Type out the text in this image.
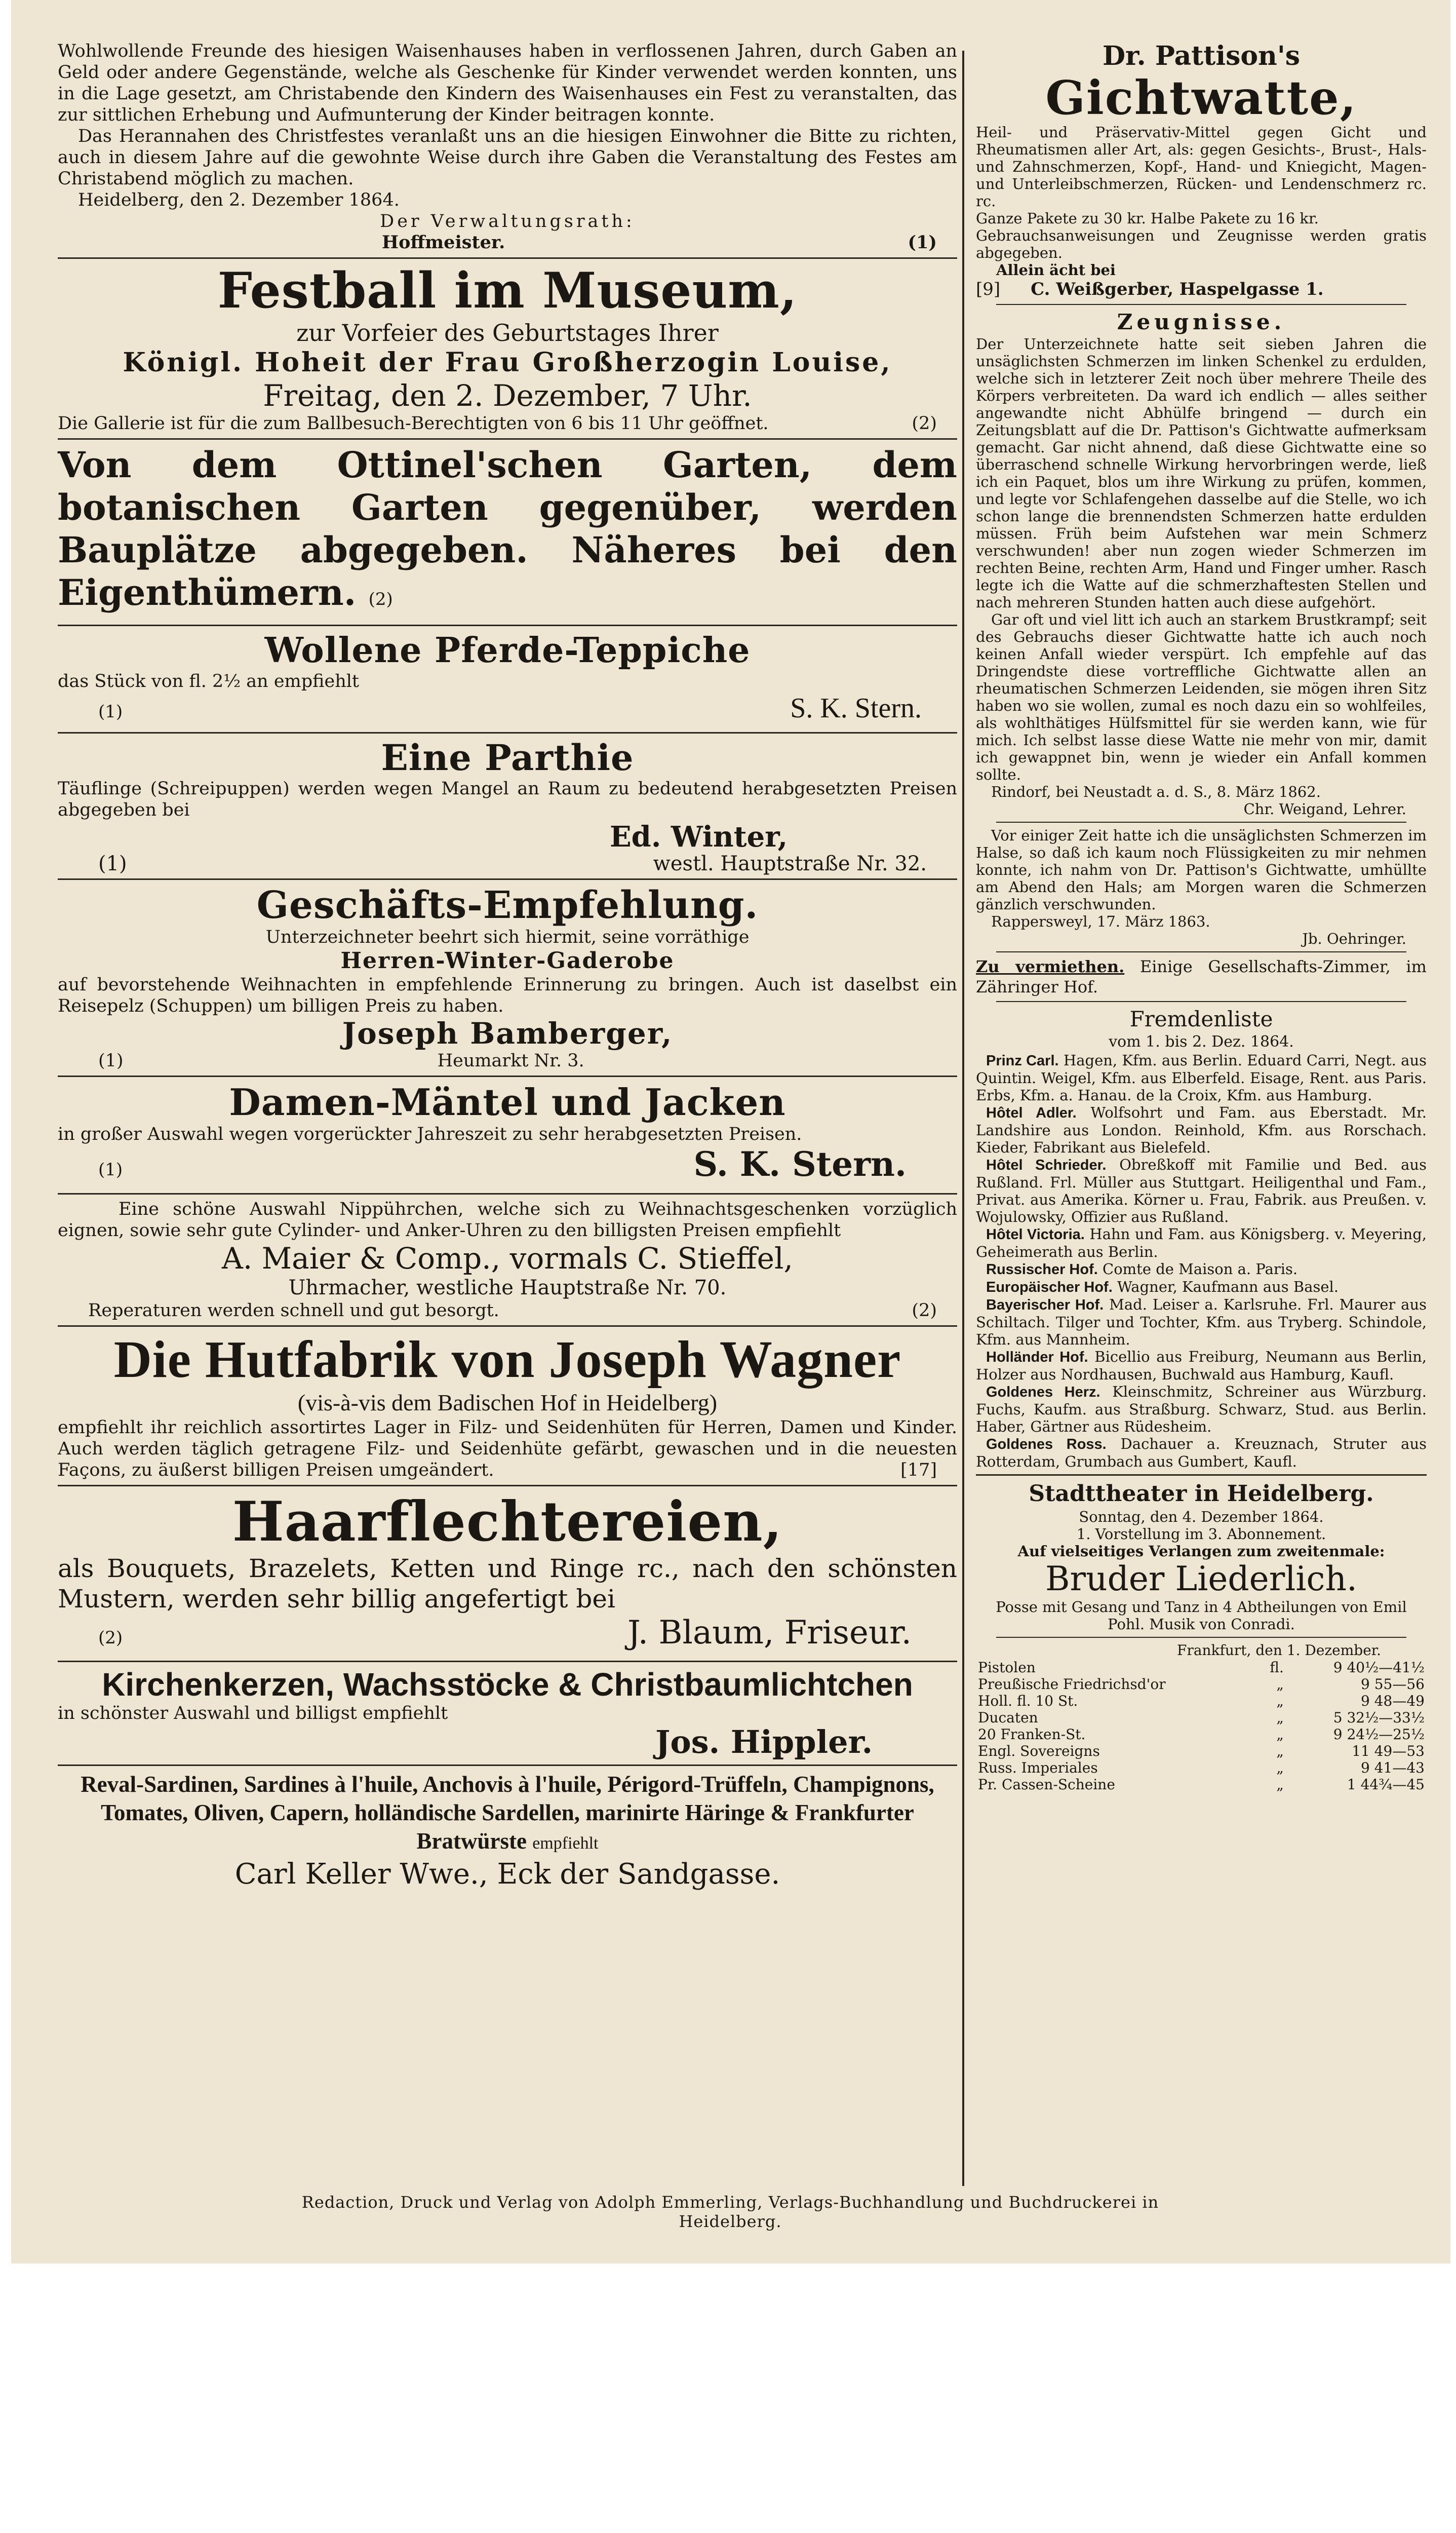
Wohlwollende Freunde des hiesigen Waisenhauses haben in verflossenen Jahren, durch Gaben an Geld oder andere Gegenstände, welche als Geschenke für Kinder verwendet werden konnten, uns in die Lage gesetzt, am Christabende den Kindern des Waisenhauses ein Fest zu veranstalten, das zur sittlichen Erhebung und Aufmunterung der Kinder beitragen konnte.

Das Herannahen des Christfestes veranlaßt uns an die hiesigen Einwohner die Bitte zu richten, auch in diesem Jahre auf die gewohnte Weise durch ihre Gaben die Veranstaltung des Festes am Christabend möglich zu machen.

Heidelberg, den 2. Dezember 1864.

Der Verwaltungsrath:

Hoffmeister.	(1)

Festball im Museum,
zur Vorfeier des Geburtstages Ihrer
Königl. Hoheit der Frau Großherzogin Louise,
Freitag, den 2. Dezember, 7 Uhr.

Die Gallerie ist für die zum Ballbesuch-Berechtigten von 6 bis 11 Uhr geöffnet.	(2)

Von dem Ottinel'schen Garten, dem botanischen Garten gegenüber, werden Bauplätze abgegeben. Näheres bei den Eigenthümern. (2)

Wollene Pferde-Teppiche

das Stück von fl. 2½ an empfiehlt

(1)	S. K. Stern.

Eine Parthie

Täuflinge (Schreipuppen) werden wegen Mangel an Raum zu bedeutend herabgesetzten Preisen abgegeben bei

Ed. Winter,

(1)	westl. Hauptstraße Nr. 32.

Geschäfts-Empfehlung.
Unterzeichneter beehrt sich hiermit, seine vorräthige
Herren-Winter-Gaderobe

auf bevorstehende Weihnachten in empfehlende Erinnerung zu bringen. Auch ist daselbst ein Reisepelz (Schuppen) um billigen Preis zu haben.

Joseph Bamberger,

(1)	Heumarkt Nr. 3.

Damen-Mäntel und Jacken

in großer Auswahl wegen vorgerückter Jahreszeit zu sehr herabgesetzten Preisen.

(1)	S. K. Stern.

Eine schöne Auswahl Nippührchen, welche sich zu Weihnachtsgeschenken vorzüglich eignen, sowie sehr gute Cylinder- und Anker-Uhren zu den billigsten Preisen empfiehlt

A. Maier & Comp., vormals C. Stieffel,
Uhrmacher, westliche Hauptstraße Nr. 70.

Reperaturen werden schnell und gut besorgt.	(2)

Die Hutfabrik von Joseph Wagner
(vis-à-vis dem Badischen Hof in Heidelberg)

empfiehlt ihr reichlich assortirtes Lager in Filz- und Seidenhüten für Herren, Damen und Kinder. Auch werden täglich getragene Filz- und Seidenhüte gefärbt, gewaschen und in die neuesten Façons, zu äußerst billigen Preisen umgeändert.	[17]

Haarflechtereien,

als Bouquets, Brazelets, Ketten und Ringe rc., nach den schönsten Mustern, werden sehr billig angefertigt bei

(2)	J. Blaum, Friseur.

Kirchenkerzen, Wachsstöcke & Christbaumlichtchen

in schönster Auswahl und billigst empfiehlt

Jos. Hippler.

Reval-Sardinen, Sardines à l'huile, Anchovis à l'huile, Périgord-Trüffeln, Champignons, Tomates, Oliven, Capern, holländische Sardellen, marinirte Häringe & Frankfurter Bratwürste empfiehlt

Carl Keller Wwe., Eck der Sandgasse.
Dr. Pattison's
Gichtwatte,

Heil- und Präservativ-Mittel gegen Gicht und Rheumatismen aller Art, als: gegen Gesichts-, Brust-, Hals- und Zahnschmerzen, Kopf-, Hand- und Kniegicht, Magen- und Unterleibschmerzen, Rücken- und Lendenschmerz rc. rc.

Ganze Pakete zu 30 kr. Halbe Pakete zu 16 kr.

Gebrauchsanweisungen und Zeugnisse werden gratis abgegeben.

Allein ächt bei

[9] C. Weißgerber, Haspelgasse 1.

Zeugnisse.

Der Unterzeichnete hatte seit sieben Jahren die unsäglichsten Schmerzen im linken Schenkel zu erdulden, welche sich in letzterer Zeit noch über mehrere Theile des Körpers verbreiteten. Da ward ich endlich — alles seither angewandte nicht Abhülfe bringend — durch ein Zeitungsblatt auf die Dr. Pattison's Gichtwatte aufmerksam gemacht. Gar nicht ahnend, daß diese Gichtwatte eine so überraschend schnelle Wirkung hervorbringen werde, ließ ich ein Paquet, blos um ihre Wirkung zu prüfen, kommen, und legte vor Schlafengehen dasselbe auf die Stelle, wo ich schon lange die brennendsten Schmerzen hatte erdulden müssen. Früh beim Aufstehen war mein Schmerz verschwunden! aber nun zogen wieder Schmerzen im rechten Beine, rechten Arm, Hand und Finger umher. Rasch legte ich die Watte auf die schmerzhaftesten Stellen und nach mehreren Stunden hatten auch diese aufgehört.

Gar oft und viel litt ich auch an starkem Brustkrampf; seit des Gebrauchs dieser Gichtwatte hatte ich auch noch keinen Anfall wieder verspürt. Ich empfehle auf das Dringendste diese vortreffliche Gichtwatte allen an rheumatischen Schmerzen Leidenden, sie mögen ihren Sitz haben wo sie wollen, zumal es noch dazu ein so wohlfeiles, als wohlthätiges Hülfsmittel für sie werden kann, wie für mich. Ich selbst lasse diese Watte nie mehr von mir, damit ich gewappnet bin, wenn je wieder ein Anfall kommen sollte.

Rindorf, bei Neustadt a. d. S., 8. März 1862.

Chr. Weigand, Lehrer.

Vor einiger Zeit hatte ich die unsäglichsten Schmerzen im Halse, so daß ich kaum noch Flüssigkeiten zu mir nehmen konnte, ich nahm von Dr. Pattison's Gichtwatte, umhüllte am Abend den Hals; am Morgen waren die Schmerzen gänzlich verschwunden.

Rappersweyl, 17. März 1863.

Jb. Oehringer.

Zu vermiethen. Einige Gesellschafts-Zimmer, im Zähringer Hof.

Fremdenliste
vom 1. bis 2. Dez. 1864.

Prinz Carl. Hagen, Kfm. aus Berlin. Eduard Carri, Negt. aus Quintin. Weigel, Kfm. aus Elberfeld. Eisage, Rent. aus Paris. Erbs, Kfm. a. Hanau. de la Croix, Kfm. aus Hamburg.

Hôtel Adler. Wolfsohrt und Fam. aus Eberstadt. Mr. Landshire aus London. Reinhold, Kfm. aus Rorschach. Kieder, Fabrikant aus Bielefeld.

Hôtel Schrieder. Obreßkoff mit Familie und Bed. aus Rußland. Frl. Müller aus Stuttgart. Heiligenthal und Fam., Privat. aus Amerika. Körner u. Frau, Fabrik. aus Preußen. v. Wojulowsky, Offizier aus Rußland.

Hôtel Victoria. Hahn und Fam. aus Königsberg. v. Meyering, Geheimerath aus Berlin.

Russischer Hof. Comte de Maison a. Paris.

Europäischer Hof. Wagner, Kaufmann aus Basel.

Bayerischer Hof. Mad. Leiser a. Karlsruhe. Frl. Maurer aus Schiltach. Tilger und Tochter, Kfm. aus Tryberg. Schindole, Kfm. aus Mannheim.

Holländer Hof. Bicellio aus Freiburg, Neumann aus Berlin, Holzer aus Nordhausen, Buchwald aus Hamburg, Kaufl.

Goldenes Herz. Kleinschmitz, Schreiner aus Würzburg. Fuchs, Kaufm. aus Straßburg. Schwarz, Stud. aus Berlin. Haber, Gärtner aus Rüdesheim.

Goldenes Ross. Dachauer a. Kreuznach, Struter aus Rotterdam, Grumbach aus Gumbert, Kaufl.

Stadttheater in Heidelberg.
Sonntag, den 4. Dezember 1864.
1. Vorstellung im 3. Abonnement.
Auf vielseitiges Verlangen zum zweitenmale:
Bruder Liederlich.

Posse mit Gesang und Tanz in 4 Abtheilungen von Emil Pohl. Musik von Conradi.

Frankfurt, den 1. Dezember.
Pistolen	fl.	9 40½—41½
Preußische Friedrichsd'or	„	9 55—56
Holl. fl. 10 St.	„	9 48—49
Ducaten	„	5 32½—33½
20 Franken-St.	„	9 24½—25½
Engl. Sovereigns	„	11 49—53
Russ. Imperiales	„	9 41—43
Pr. Cassen-Scheine	„	1 44¾—45
Redaction, Druck und Verlag von Adolph Emmerling, Verlags-Buchhandlung und Buchdruckerei in Heidelberg.
